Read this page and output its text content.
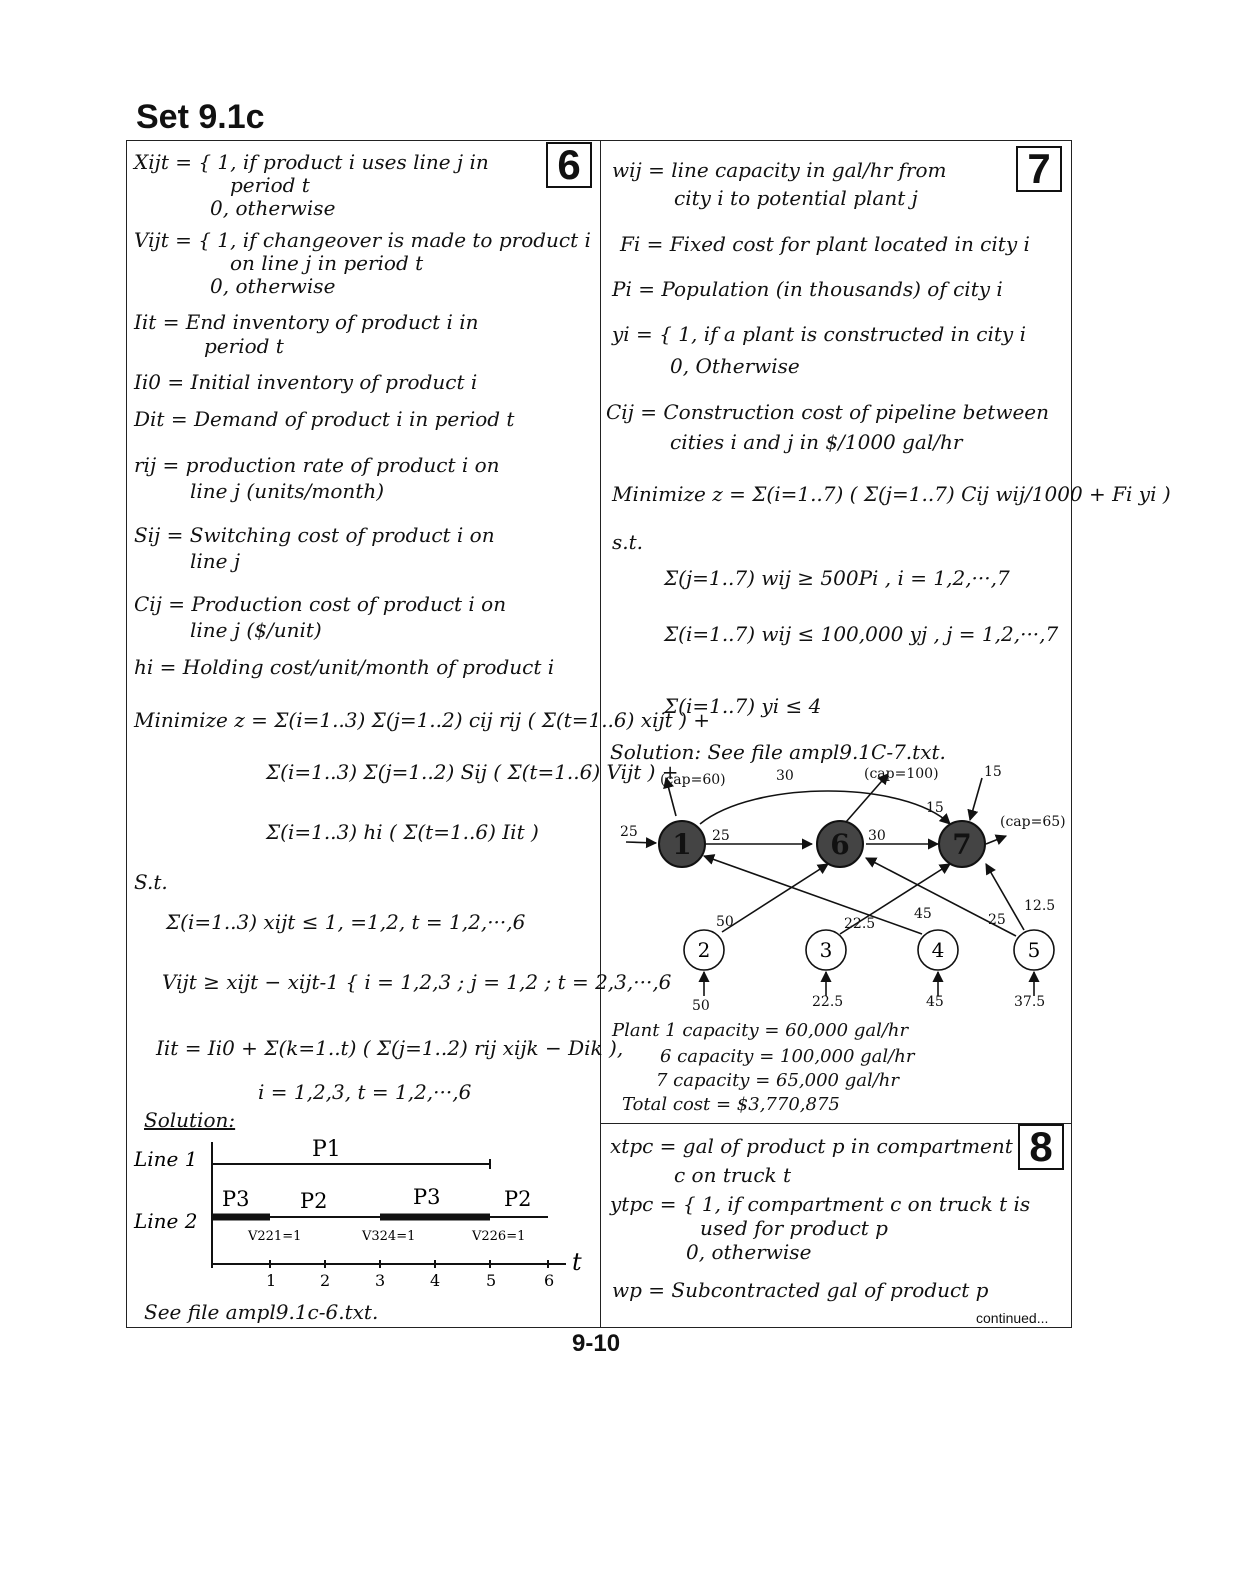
Set 9.1c
6
Xijt = { 1, if product i uses line j in
period t
0, otherwise
Vijt = { 1, if changeover is made to product i
on line j in period t
0, otherwise
Iit = End inventory of product i in
period t
Ii0 = Initial inventory of product i
Dit = Demand of product i in period t
rij = production rate of product i on
line j (units/month)
Sij = Switching cost of product i on
line j
Cij = Production cost of product i on
line j ($/unit)
hi = Holding cost/unit/month of product i
Minimize z = Σ(i=1..3) Σ(j=1..2) cij rij ( Σ(t=1..6) xijt ) +
Σ(i=1..3) Σ(j=1..2) Sij ( Σ(t=1..6) Vijt ) +
Σ(i=1..3) hi ( Σ(t=1..6) Iit )
S.t.
Σ(i=1..3) xijt ≤ 1, =1,2, t = 1,2,···,6
Vijt ≥ xijt − xijt-1 { i = 1,2,3 ; j = 1,2 ; t = 2,3,···,6
Iit = Ii0 + Σ(k=1..t) ( Σ(j=1..2) rij xijk − Dik ),
i = 1,2,3, t = 1,2,···,6
Solution:
Line 1
Line 2
t
P1
P3 P2	P3	P2
V221=1	V324=1	V226=1
1	2	3	4	5	6
See file ampl9.1c-6.txt.
7
wij = line capacity in gal/hr from
city i to potential plant j
Fi = Fixed cost for plant located in city i
Pi = Population (in thousands) of city i
yi = { 1, if a plant is constructed in city i
0, Otherwise
Cij = Construction cost of pipeline between
cities i and j in $/1000 gal/hr
Minimize z = Σ(i=1..7) ( Σ(j=1..7) Cij wij/1000 + Fi yi )
s.t.
Σ(j=1..7) wij ≥ 500Pi , i = 1,2,···,7
Σ(i=1..7) wij ≤ 100,000 yj , j = 1,2,···,7
Σ(i=1..7) yi ≤ 4
Solution: See file ampl9.1C-7.txt.
1	6	7
2	3	4	5
(cap=60)	30	(cap=100)	15
15
25	25	30
(cap=65)
50	22.5
45	25
12.5
50	22.5	45	37.5
Plant 1 capacity = 60,000 gal/hr
6 capacity = 100,000 gal/hr
7 capacity = 65,000 gal/hr
Total cost = $3,770,875
8
xtpc = gal of product p in compartment
c on truck t
ytpc = { 1, if compartment c on truck t is
used for product p
0, otherwise
wp = Subcontracted gal of product p
continued...
9-10
